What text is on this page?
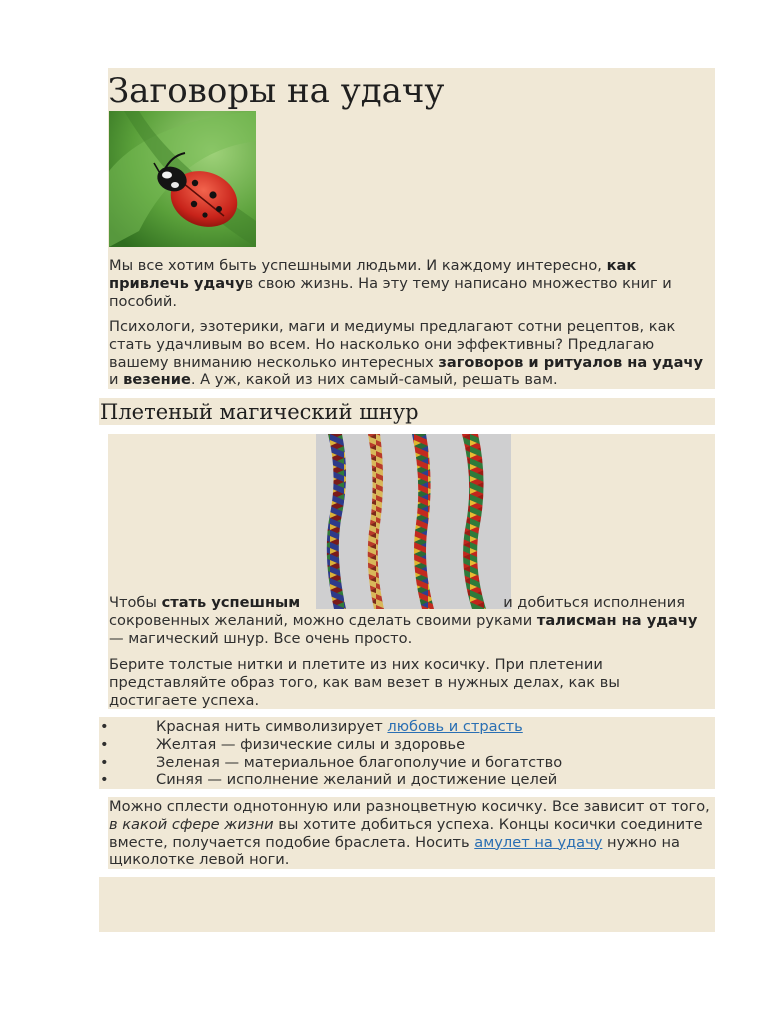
Заговоры на удачу

Мы все хотим быть успешными людьми. И каждому интересно, как привлечь удачув свою жизнь. На эту тему написано множество книг и пособий.

Психологи, эзотерики, маги и медиумы предлагают сотни рецептов, как стать удачливым во всем. Но насколько они эффективны? Предлагаю вашему вниманию несколько интересных заговоров и ритуалов на удачу и везение. А уж, какой из них самый-самый, решать вам.

Плетеный магический шнур

Чтобы стать успешным	и добиться исполнения сокровенных желаний, можно сделать своими руками талисман на удачу — магический шнур. Все очень просто.

Берите толстые нитки и плетите из них косичку. При плетении представляйте образ того, как вам везет в нужных делах, как вы достигаете успеха.

•	Красная нить символизирует любовь и страсть
•	Желтая — физические силы и здоровье
•	Зеленая — материальное благополучие и богатство
•	Синяя — исполнение желаний и достижение целей

Можно сплести однотонную или разноцветную косичку. Все зависит от того, в какой сфере жизни вы хотите добиться успеха. Концы косички соедините вместе, получается подобие браслета. Носить амулет на удачу нужно на щиколотке левой ноги.
